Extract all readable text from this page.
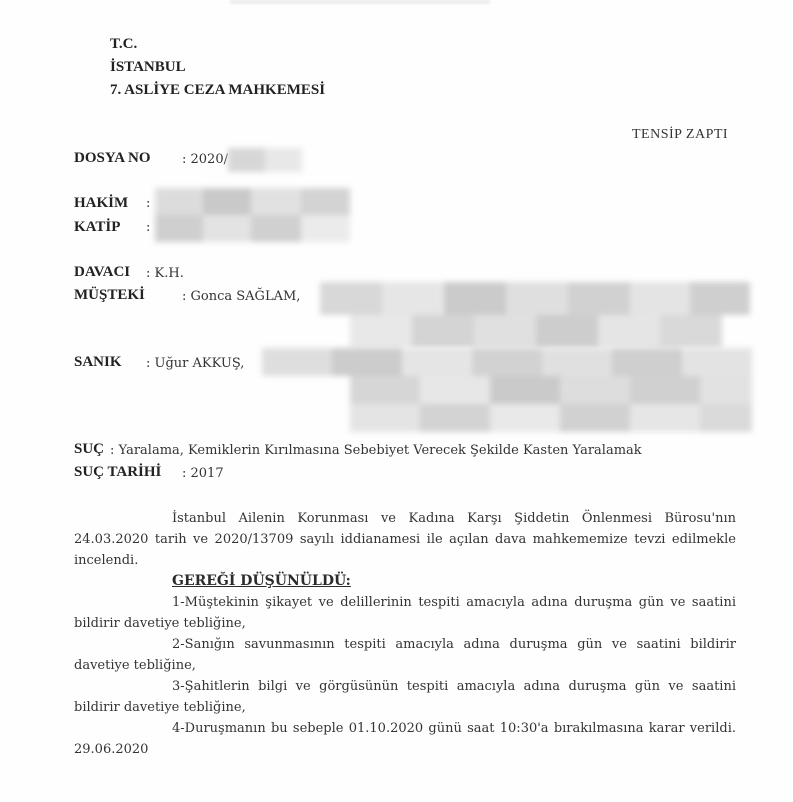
T.C.
İSTANBUL
7. ASLİYE CEZA MAHKEMESİ
TENSİP ZAPTI
DOSYA NO : 2020/
HAKİM :
KATİP :
DAVACI : K.H.
MÜŞTEKİ	: Gonca SAĞLAM,
SANIK : Uğur AKKUŞ,
SUÇ : Yaralama, Kemiklerin Kırılmasına Sebebiyet Verecek Şekilde Kasten Yaralamak
SUÇ TARİHİ : 2017

İstanbul Ailenin Korunması ve Kadına Karşı Şiddetin Önlenmesi Bürosu'nın 24.03.2020 tarih ve 2020/13709 sayılı iddianamesi ile açılan dava mahkememize tevzi edilmekle incelendi.

GEREĞİ DÜŞÜNÜLDÜ:

1-Müştekinin şikayet ve delillerinin tespiti amacıyla adına duruşma gün ve saatini bildirir davetiye tebliğine,

2-Sanığın savunmasının tespiti amacıyla adına duruşma gün ve saatini bildirir davetiye tebliğine,

3-Şahitlerin bilgi ve görgüsünün tespiti amacıyla adına duruşma gün ve saatini bildirir davetiye tebliğine,

4-Duruşmanın bu sebeple 01.10.2020 günü saat 10:30'a bırakılmasına karar verildi. 29.06.2020
